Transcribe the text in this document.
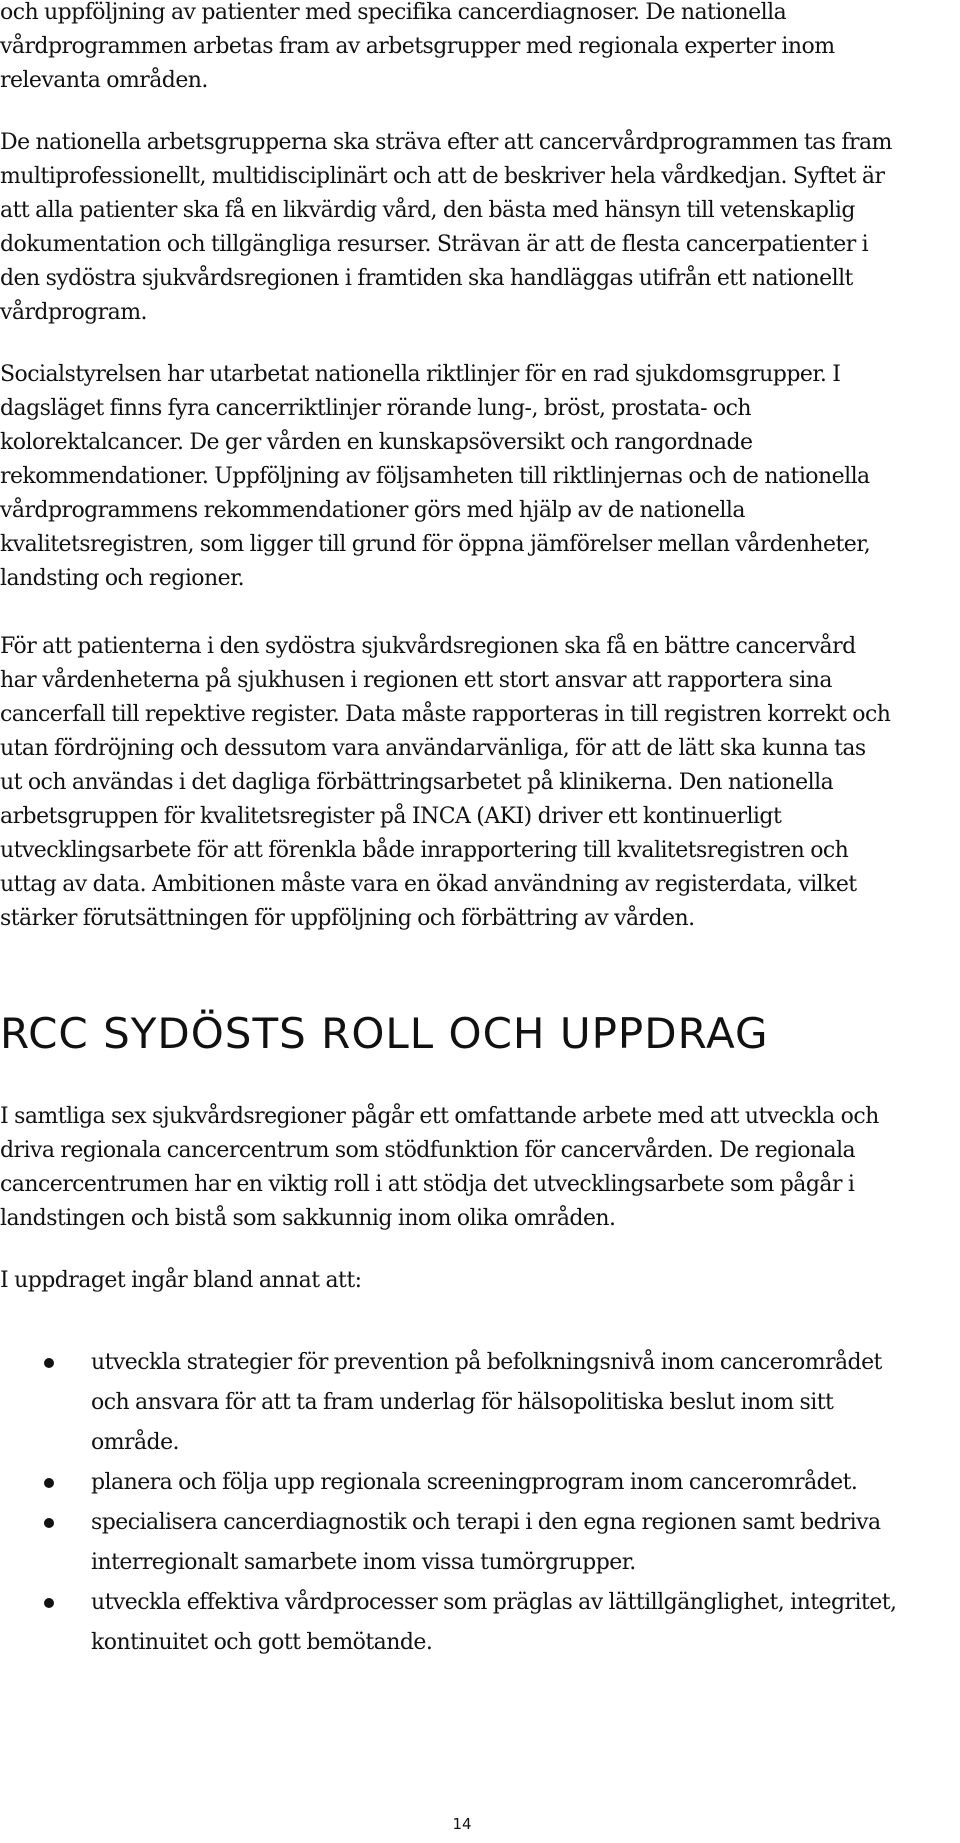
och uppföljning av patienter med specifika cancerdiagnoser. De nationella
vårdprogrammen arbetas fram av arbetsgrupper med regionala experter inom
relevanta områden.

De nationella arbetsgrupperna ska sträva efter att cancervårdprogrammen tas fram
multiprofessionellt, multidisciplinärt och att de beskriver hela vårdkedjan. Syftet är
att alla patienter ska få en likvärdig vård, den bästa med hänsyn till vetenskaplig
dokumentation och tillgängliga resurser. Strävan är att de flesta cancerpatienter i
den sydöstra sjukvårdsregionen i framtiden ska handläggas utifrån ett nationellt
vårdprogram.

Socialstyrelsen har utarbetat nationella riktlinjer för en rad sjukdomsgrupper. I
dagsläget finns fyra cancerriktlinjer rörande lung-, bröst, prostata- och
kolorektalcancer. De ger vården en kunskapsöversikt och rangordnade
rekommendationer. Uppföljning av följsamheten till riktlinjernas och de nationella
vårdprogrammens rekommendationer görs med hjälp av de nationella
kvalitetsregistren, som ligger till grund för öppna jämförelser mellan vårdenheter,
landsting och regioner.

För att patienterna i den sydöstra sjukvårdsregionen ska få en bättre cancervård
har vårdenheterna på sjukhusen i regionen ett stort ansvar att rapportera sina
cancerfall till repektive register. Data måste rapporteras in till registren korrekt och
utan fördröjning och dessutom vara användarvänliga, för att de lätt ska kunna tas
ut och användas i det dagliga förbättringsarbetet på klinikerna. Den nationella
arbetsgruppen för kvalitetsregister på INCA (AKI) driver ett kontinuerligt
utvecklingsarbete för att förenkla både inrapportering till kvalitetsregistren och
uttag av data. Ambitionen måste vara en ökad användning av registerdata, vilket
stärker förutsättningen för uppföljning och förbättring av vården.

RCC SYDÖSTS ROLL OCH UPPDRAG

I samtliga sex sjukvårdsregioner pågår ett omfattande arbete med att utveckla och
driva regionala cancercentrum som stödfunktion för cancervården. De regionala
cancercentrumen har en viktig roll i att stödja det utvecklingsarbete som pågår i
landstingen och bistå som sakkunnig inom olika områden.

I uppdraget ingår bland annat att:

utveckla strategier för prevention på befolkningsnivå inom cancerområdet
och ansvara för att ta fram underlag för hälsopolitiska beslut inom sitt
område.
planera och följa upp regionala screeningprogram inom cancerområdet.
specialisera cancerdiagnostik och terapi i den egna regionen samt bedriva
interregionalt samarbete inom vissa tumörgrupper.
utveckla effektiva vårdprocesser som präglas av lättillgänglighet, integritet,
kontinuitet och gott bemötande.

14
